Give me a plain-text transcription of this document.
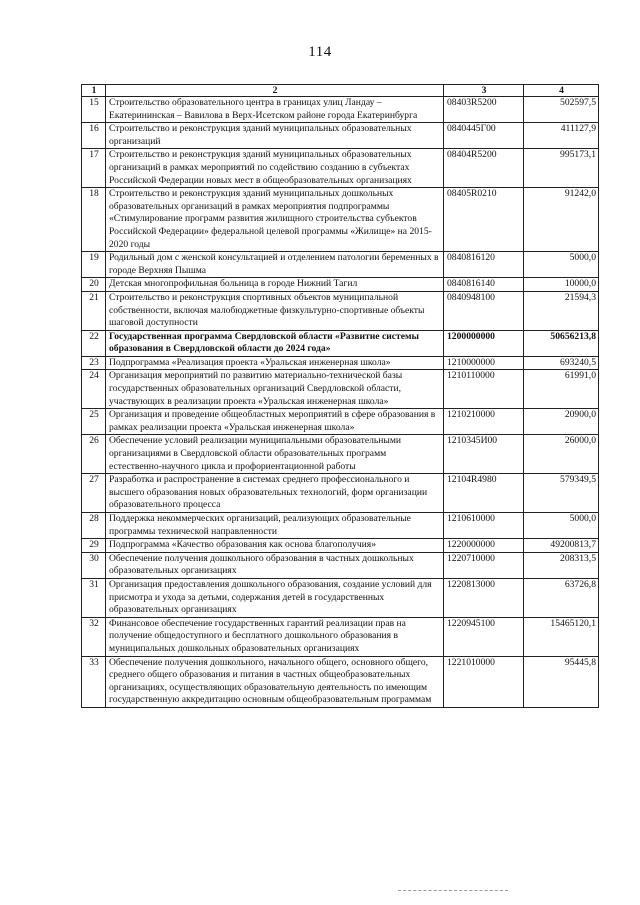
114
1	2	3	4
15	Строительство образовательного центра в границах улиц Ландау – Екатерининская – Вавилова в Верх-Исетском районе города Екатеринбурга	08403R5200	502597,5
16	Строительство и реконструкция зданий муниципальных образовательных организаций	0840445Г00	411127,9
17	Строительство и реконструкция зданий муниципальных образовательных организаций в рамках мероприятий по содействию созданию в субъектах Российской Федерации новых мест в общеобразовательных организациях	08404R5200	995173,1
18	Строительство и реконструкция зданий муниципальных дошкольных образовательных организаций в рамках мероприятия подпрограммы «Стимулирование программ развития жилищного строительства субъектов Российской Федерации» федеральной целевой программы «Жилище» на 2015-2020 годы	08405R0210	91242,0
19	Родильный дом с женской консультацией и отделением патологии беременных в городе Верхняя Пышма	0840816120	5000,0
20	Детская многопрофильная больница в городе Нижний Тагил	0840816140	10000,0
21	Строительство и реконструкция спортивных объектов муниципальной собственности, включая малобюджетные физкультурно-спортивные объекты шаговой доступности	0840948100	21594,3
22	Государственная программа Свердловской области «Развитие системы образования в Свердловской области до 2024 года»	1200000000	50656213,8
23	Подпрограмма «Реализация проекта «Уральская инженерная школа»	1210000000	693240,5
24	Организация мероприятий по развитию материально-технической базы государственных образовательных организаций Свердловской области, участвующих в реализации проекта «Уральская инженерная школа»	1210110000	61991,0
25	Организация и проведение общеобластных мероприятий в сфере образования в рамках реализации проекта «Уральская инженерная школа»	1210210000	20900,0
26	Обеспечение условий реализации муниципальными образовательными организациями в Свердловской области образовательных программ естественно-научного цикла и профориентационной работы	1210345И00	26000,0
27	Разработка и распространение в системах среднего профессионального и высшего образования новых образовательных технологий, форм организации образовательного процесса	12104R4980	579349,5
28	Поддержка некоммерческих организаций, реализующих образовательные программы технической направленности	1210610000	5000,0
29	Подпрограмма «Качество образования как основа благополучия»	1220000000	49200813,7
30	Обеспечение получения дошкольного образования в частных дошкольных образовательных организациях	1220710000	208313,5
31	Организация предоставления дошкольного образования, создание условий для присмотра и ухода за детьми, содержания детей в государственных образовательных организациях	1220813000	63726,8
32	Финансовое обеспечение государственных гарантий реализации прав на получение общедоступного и бесплатного дошкольного образования в муниципальных дошкольных образовательных организациях	1220945100	15465120,1
33	Обеспечение получения дошкольного, начального общего, основного общего, среднего общего образования и питания в частных общеобразовательных организациях, осуществляющих образовательную деятельность по имеющим государственную аккредитацию основным общеобразовательным программам	1221010000	95445,8
